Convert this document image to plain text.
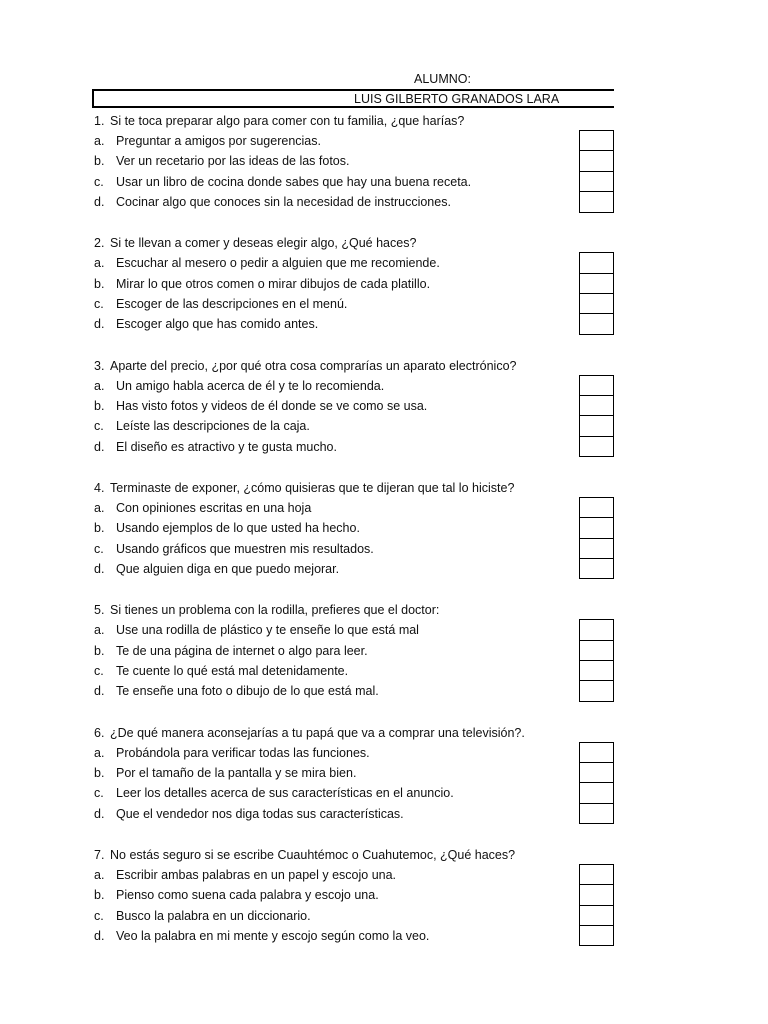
ALUMNO:
LUIS GILBERTO GRANADOS LARA
1. Si te toca preparar algo para comer con tu familia, ¿que harías?
a. Preguntar a amigos por sugerencias.
b. Ver un recetario por las ideas de las fotos.
c. Usar un libro de cocina donde sabes que hay una buena receta.
d. Cocinar algo que conoces sin la necesidad de instrucciones.
2. Si te llevan a comer y deseas elegir algo, ¿Qué haces?
a. Escuchar al mesero o pedir a alguien que me recomiende.
b. Mirar lo que otros comen o mirar dibujos de cada platillo.
c. Escoger de las descripciones en el menú.
d. Escoger algo que has comido antes.
3. Aparte del precio, ¿por qué otra cosa comprarías un aparato electrónico?
a. Un amigo habla acerca de él y te lo recomienda.
b. Has visto fotos y videos de él donde se ve como se usa.
c. Leíste las descripciones de la caja.
d. El diseño es atractivo y te gusta mucho.
4. Terminaste de exponer, ¿cómo quisieras que te dijeran que tal lo hiciste?
a. Con opiniones escritas en una hoja
b. Usando ejemplos de lo que usted ha hecho.
c. Usando gráficos que muestren mis resultados.
d. Que alguien diga en que puedo mejorar.
5. Si tienes un problema con la rodilla, prefieres que el doctor:
a. Use una rodilla de plástico y te enseñe lo que está mal
b. Te de una página de internet o algo para leer.
c. Te cuente lo qué está mal detenidamente.
d. Te enseñe una foto o dibujo de lo que está mal.
6. ¿De qué manera aconsejarías a tu papá que va a comprar una televisión?.
a. Probándola para verificar todas las funciones.
b. Por el tamaño de la pantalla y se mira bien.
c. Leer los detalles acerca de sus características en el anuncio.
d. Que el vendedor nos diga todas sus características.
7. No estás seguro si se escribe Cuauhtémoc o Cuahutemoc, ¿Qué haces?
a. Escribir ambas palabras en un papel y escojo una.
b. Pienso como suena cada palabra y escojo una.
c. Busco la palabra en un diccionario.
d. Veo la palabra en mi mente y escojo según como la veo.
